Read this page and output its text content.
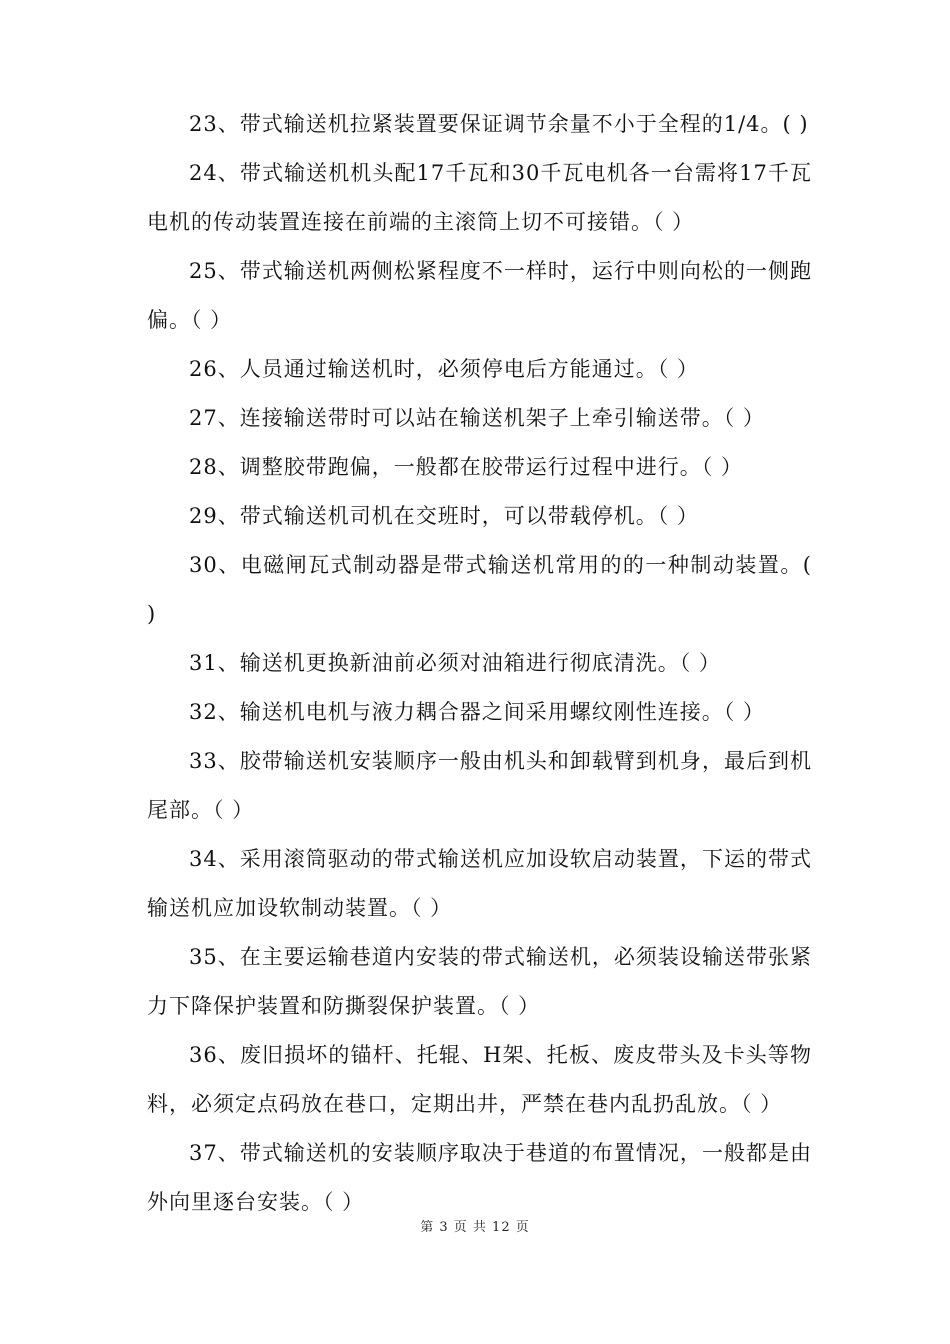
23、带式输送机拉紧装置要保证调节余量不小于全程的1/4。( )

24、带式输送机机头配17千瓦和30千瓦电机各一台需将17千瓦电机的传动装置连接在前端的主滚筒上切不可接错。（ ）

25、带式输送机两侧松紧程度不一样时，运行中则向松的一侧跑偏。（ ）

26、人员通过输送机时，必须停电后方能通过。（ ）

27、连接输送带时可以站在输送机架子上牵引输送带。（ ）

28、调整胶带跑偏，一般都在胶带运行过程中进行。（ ）

29、带式输送机司机在交班时，可以带载停机。（ ）

30、电磁闸瓦式制动器是带式输送机常用的的一种制动装置。( )

31、输送机更换新油前必须对油箱进行彻底清洗。（ ）

32、输送机电机与液力耦合器之间采用螺纹刚性连接。（ ）

33、胶带输送机安装顺序一般由机头和卸载臂到机身，最后到机尾部。（ ）

34、采用滚筒驱动的带式输送机应加设软启动装置，下运的带式输送机应加设软制动装置。（ ）

35、在主要运输巷道内安装的带式输送机，必须装设输送带张紧力下降保护装置和防撕裂保护装置。（ ）

36、废旧损坏的锚杆、托辊、H架、托板、废皮带头及卡头等物料，必须定点码放在巷口，定期出井，严禁在巷内乱扔乱放。（ ）

37、带式输送机的安装顺序取决于巷道的布置情况，一般都是由外向里逐台安装。（ ）

第 3 页 共 12 页
